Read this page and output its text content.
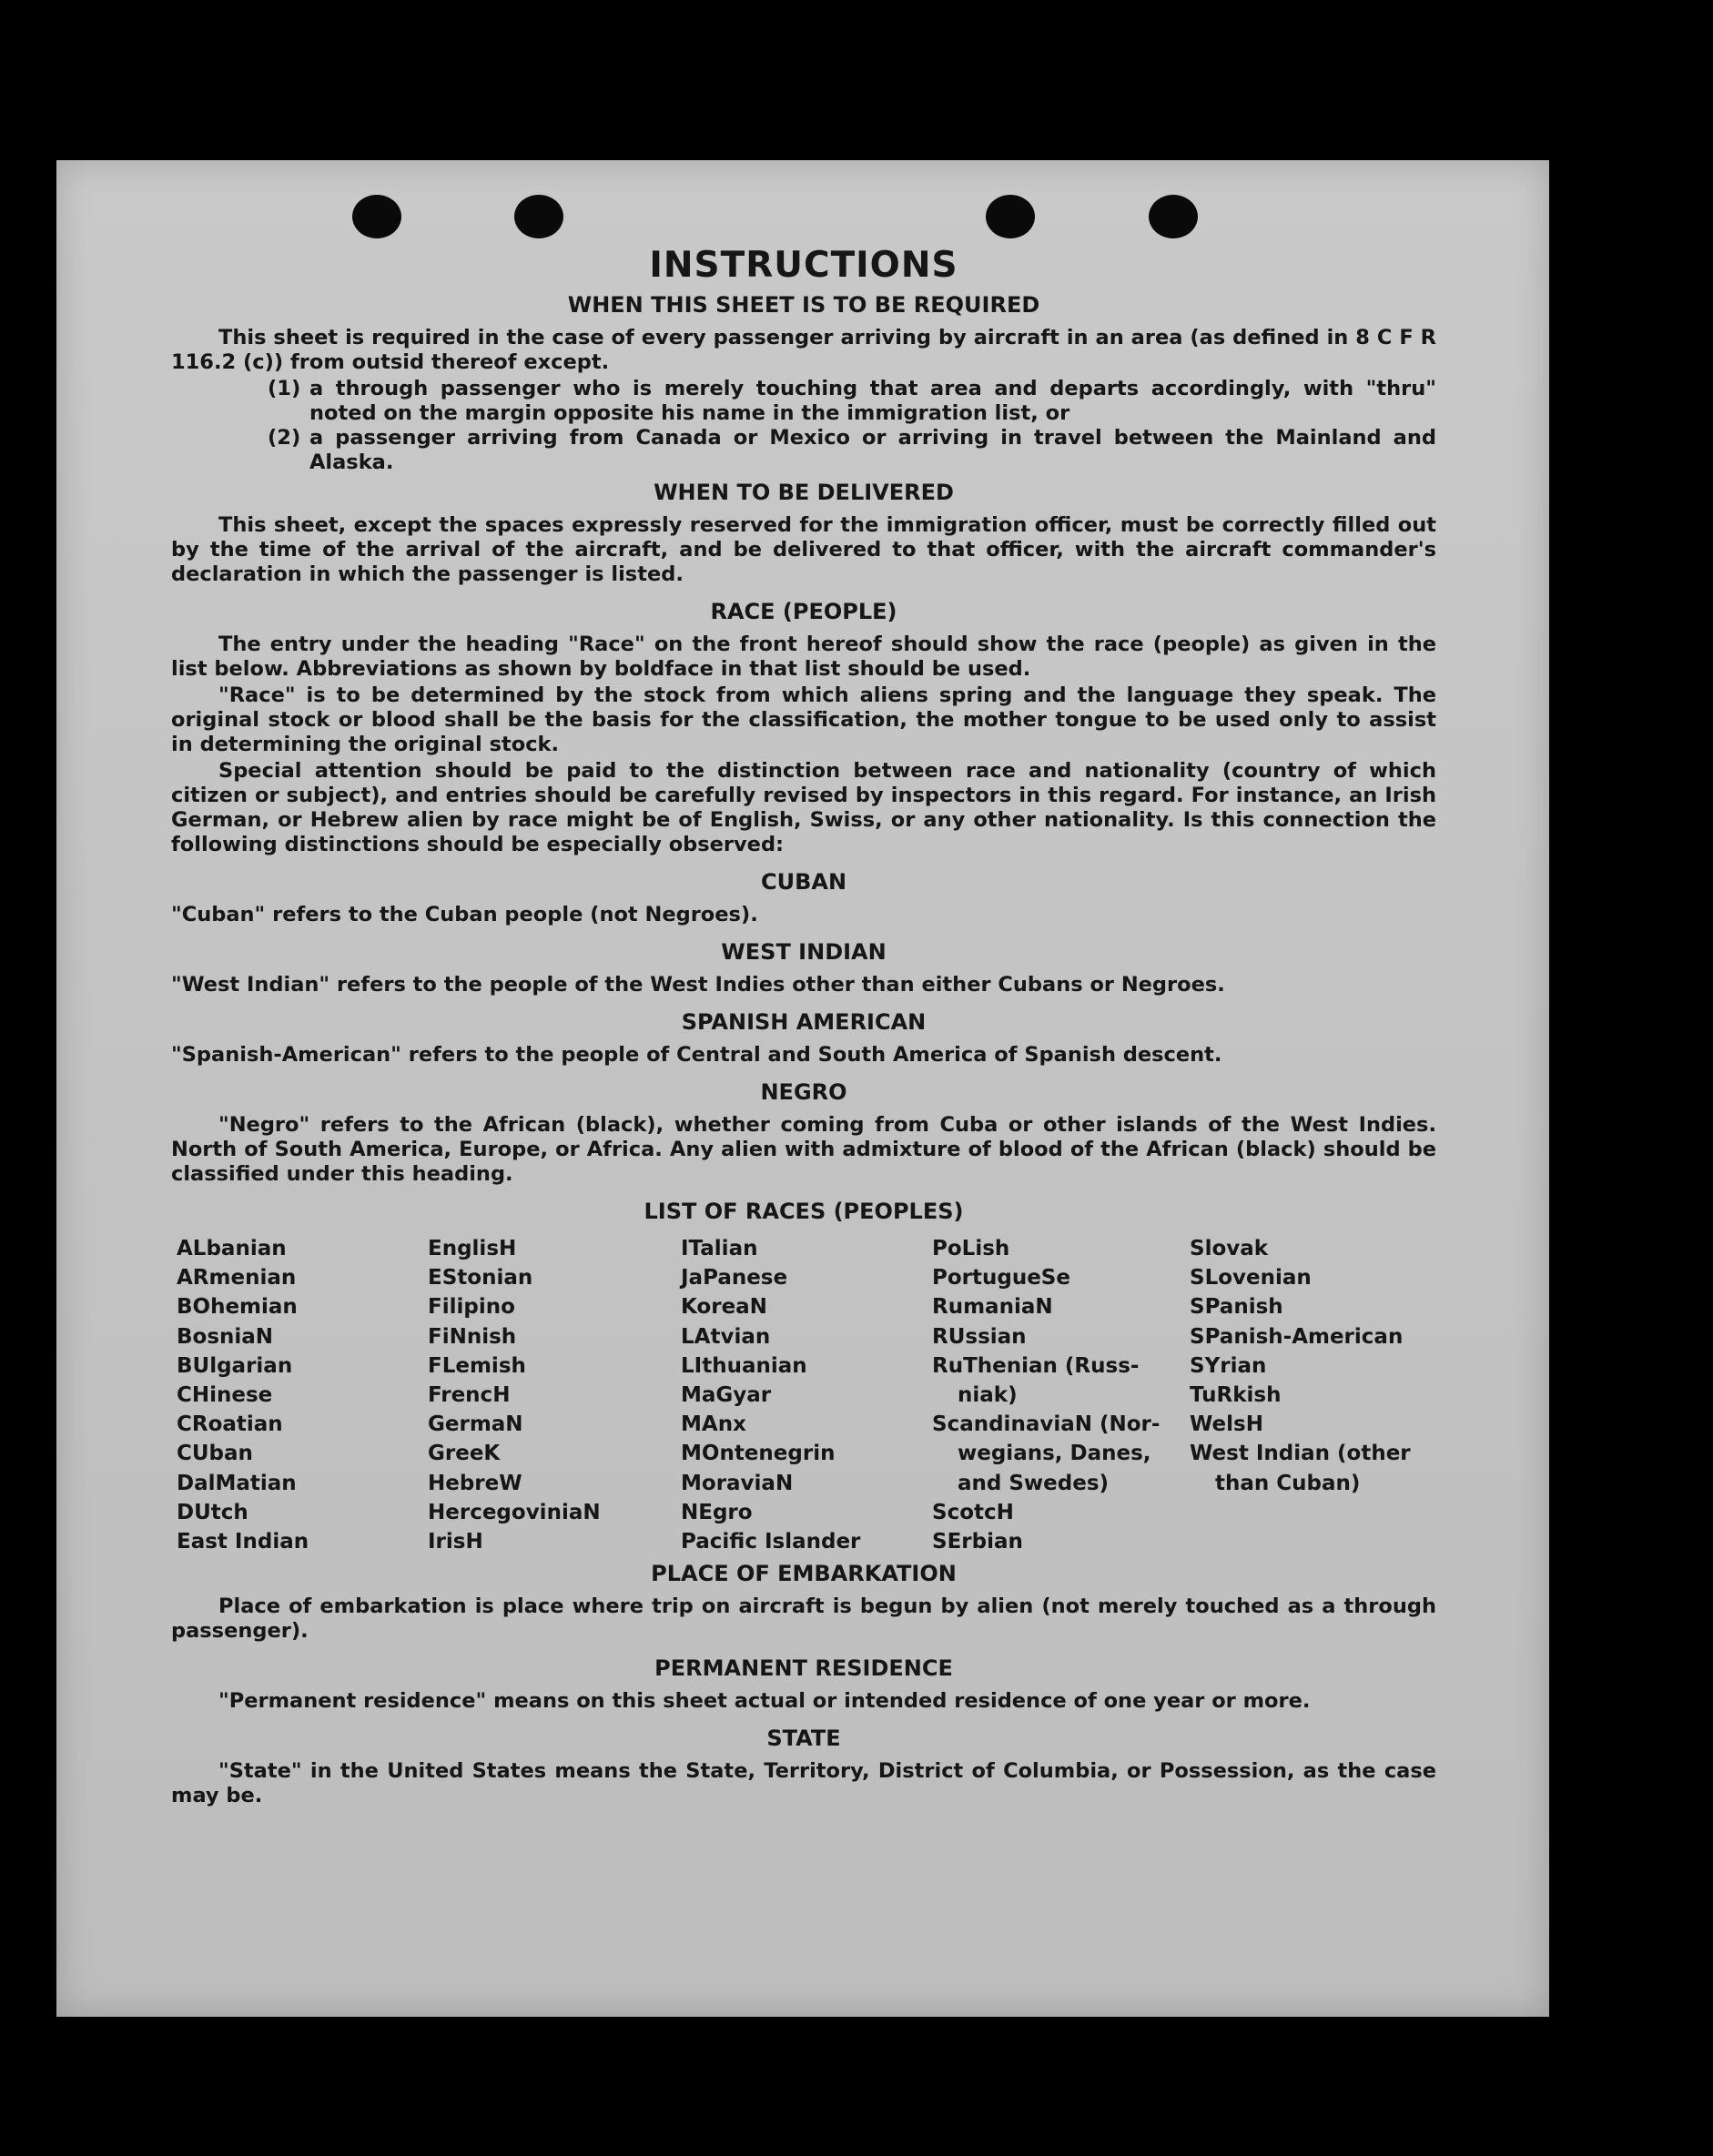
INSTRUCTIONS
WHEN THIS SHEET IS TO BE REQUIRED

This sheet is required in the case of every passenger arriving by aircraft in an area (as defined in 8 C F R 116.2 (c)) from outsid thereof except.

(1) a through passenger who is merely touching that area and departs accordingly, with "thru" noted on the margin opposite his name in the immigration list, or
(2) a passenger arriving from Canada or Mexico or arriving in travel between the Mainland and Alaska.
WHEN TO BE DELIVERED

This sheet, except the spaces expressly reserved for the immigration officer, must be correctly filled out by the time of the arrival of the aircraft, and be delivered to that officer, with the aircraft commander's declaration in which the passenger is listed.

RACE (PEOPLE)

The entry under the heading "Race" on the front hereof should show the race (people) as given in the list below. Abbreviations as shown by boldface in that list should be used.

"Race" is to be determined by the stock from which aliens spring and the language they speak. The original stock or blood shall be the basis for the classification, the mother tongue to be used only to assist in determining the original stock.

Special attention should be paid to the distinction between race and nationality (country of which citizen or subject), and entries should be carefully revised by inspectors in this regard. For instance, an Irish German, or Hebrew alien by race might be of English, Swiss, or any other nationality. Is this connection the following distinctions should be especially observed:

CUBAN

"Cuban" refers to the Cuban people (not Negroes).

WEST INDIAN

"West Indian" refers to the people of the West Indies other than either Cubans or Negroes.

SPANISH AMERICAN

"Spanish-American" refers to the people of Central and South America of Spanish descent.

NEGRO

"Negro" refers to the African (black), whether coming from Cuba or other islands of the West Indies. North of South America, Europe, or Africa. Any alien with admixture of blood of the African (black) should be classified under this heading.

LIST OF RACES (PEOPLES)
ALbanian
ARmenian
BOhemian
BosniaN
BUlgarian
CHinese
CRoatian
CUban
DalMatian
DUtch
East Indian
EnglisH
EStonian
Filipino
FiNnish
FLemish
FrencH
GermaN
GreeK
HebreW
HercegoviniaN
IrisH
ITalian
JaPanese
KoreaN
LAtvian
LIthuanian
MaGyar
MAnx
MOntenegrin
MoraviaN
NEgro
Pacific Islander
PoLish
PortugueSe
RumaniaN
RUssian
RuThenian (Russ-
niak)
ScandinaviaN (Nor-
wegians, Danes,
and Swedes)
ScotcH
SErbian
Slovak
SLovenian
SPanish
SPanish-American
SYrian
TuRkish
WelsH
West Indian (other
than Cuban)
PLACE OF EMBARKATION

Place of embarkation is place where trip on aircraft is begun by alien (not merely touched as a through passenger).

PERMANENT RESIDENCE

"Permanent residence" means on this sheet actual or intended residence of one year or more.

STATE

"State" in the United States means the State, Territory, District of Columbia, or Possession, as the case may be.
